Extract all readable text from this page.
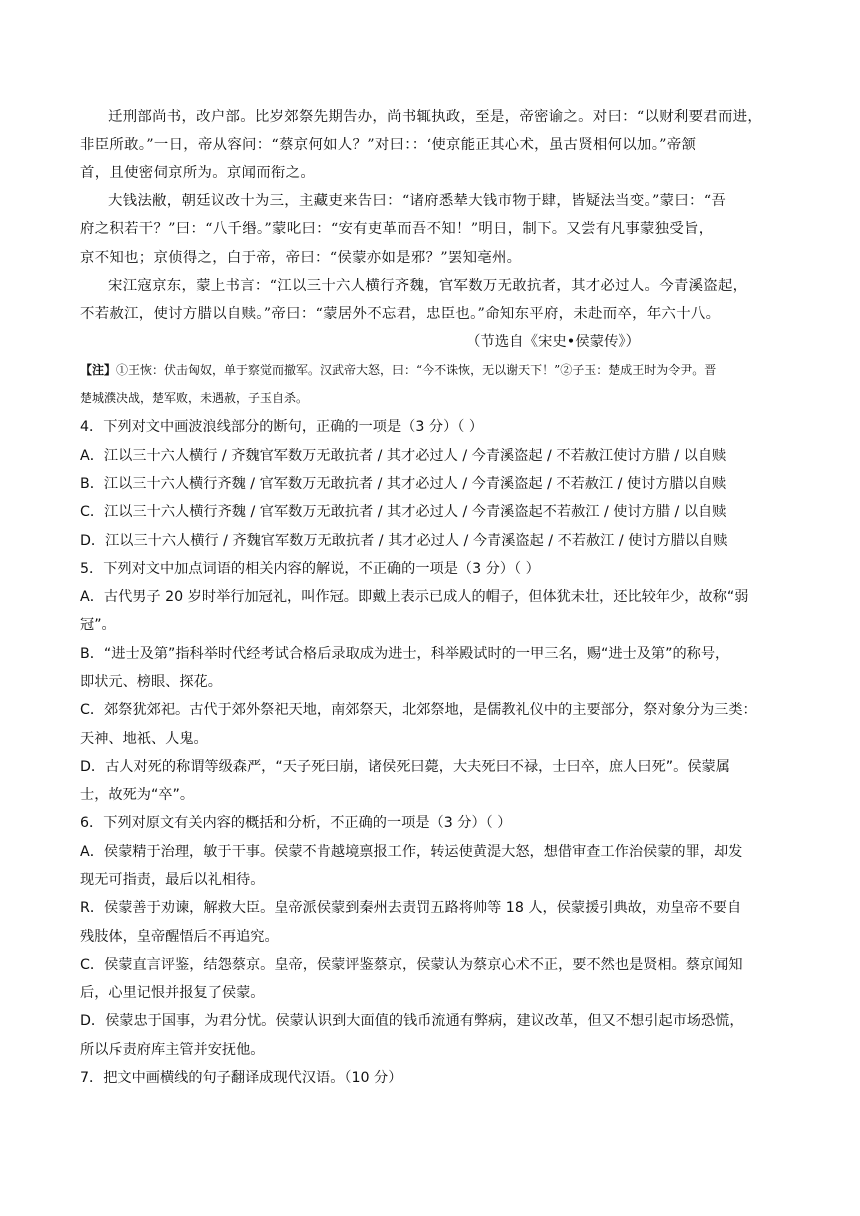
迁刑部尚书，改户部。比岁郊祭先期告办，尚书辄执政，至是，帝密谕之。对曰：“以财利要君而进，
非臣所敢。”一日，帝从容问：“蔡京何如人？”对曰：：‘使京能正其心术，虽古贤相何以加。”帝颔
首，且使密伺京所为。京闻而衔之。
大钱法敝，朝廷议改十为三，主藏吏来告曰：“诸府悉辇大钱市物于肆，皆疑法当变。”蒙曰：“吾
府之积若干？”曰：“八千缗。”蒙叱曰：“安有吏革而吾不知！”明日，制下。又尝有凡事蒙独受旨，
京不知也；京侦得之，白于帝，帝曰：“侯蒙亦如是邪？”罢知亳州。
宋江寇京东，蒙上书言：“江以三十六人横行齐魏，官军数万无敢抗者，其才必过人。今青溪盗起，
不若赦江，使讨方腊以自赎。”帝曰：“蒙居外不忘君，忠臣也。”命知东平府，未赴而卒，年六十八。
（节选自《宋史•侯蒙传》）
【注】①王恢：伏击匈奴，单于察觉而撤军。汉武帝大怒，曰：“今不诛恢，无以谢天下！”②子玉：楚成王时为令尹。晋
楚城濮决战，楚军败，未遇赦，子玉自杀。
4．下列对文中画波浪线部分的断句，正确的一项是（3 分）（ ）
A．江以三十六人横行 / 齐魏官军数万无敢抗者 / 其才必过人 / 今青溪盗起 / 不若赦江使讨方腊 / 以自赎
B．江以三十六人横行齐魏 / 官军数万无敢抗者 / 其才必过人 / 今青溪盗起 / 不若赦江 / 使讨方腊以自赎
C．江以三十六人横行齐魏 / 官军数万无敢抗者 / 其才必过人 / 今青溪盗起不若赦江 / 使讨方腊 / 以自赎
D．江以三十六人横行 / 齐魏官军数万无敢抗者 / 其才必过人 / 今青溪盗起 / 不若赦江 / 使讨方腊以自赎
5．下列对文中加点词语的相关内容的解说，不正确的一项是（3 分）（ ）
A．古代男子 20 岁时举行加冠礼，叫作冠。即戴上表示已成人的帽子，但体犹未壮，还比较年少，故称“弱
冠”。
B．“进士及第”指科举时代经考试合格后录取成为进士，科举殿试时的一甲三名，赐“进士及第”的称号，
即状元、榜眼、探花。
C．郊祭犹郊祀。古代于郊外祭祀天地，南郊祭天，北郊祭地，是儒教礼仪中的主要部分，祭对象分为三类：
天神、地祇、人鬼。
D．古人对死的称谓等级森严，“天子死曰崩，诸侯死曰薨，大夫死曰不禄，士曰卒，庶人曰死”。侯蒙属
士，故死为“卒”。
6．下列对原文有关内容的概括和分析，不正确的一项是（3 分）（ ）
A．侯蒙精于治理，敏于干事。侯蒙不肯越境禀报工作，转运使黄湜大怒，想借审查工作治侯蒙的罪，却发
现无可指责，最后以礼相待。
R．侯蒙善于劝谏，解救大臣。皇帝派侯蒙到秦州去责罚五路将帅等 18 人，侯蒙援引典故，劝皇帝不要自
残肢体，皇帝醒悟后不再追究。
C．侯蒙直言评鉴，结怨蔡京。皇帝，侯蒙评鉴蔡京，侯蒙认为蔡京心术不正，要不然也是贤相。蔡京闻知
后，心里记恨并报复了侯蒙。
D．侯蒙忠于国事，为君分忧。侯蒙认识到大面值的钱币流通有弊病，建议改革，但又不想引起市场恐慌，
所以斥责府库主管并安抚他。
7．把文中画横线的句子翻译成现代汉语。（10 分）
